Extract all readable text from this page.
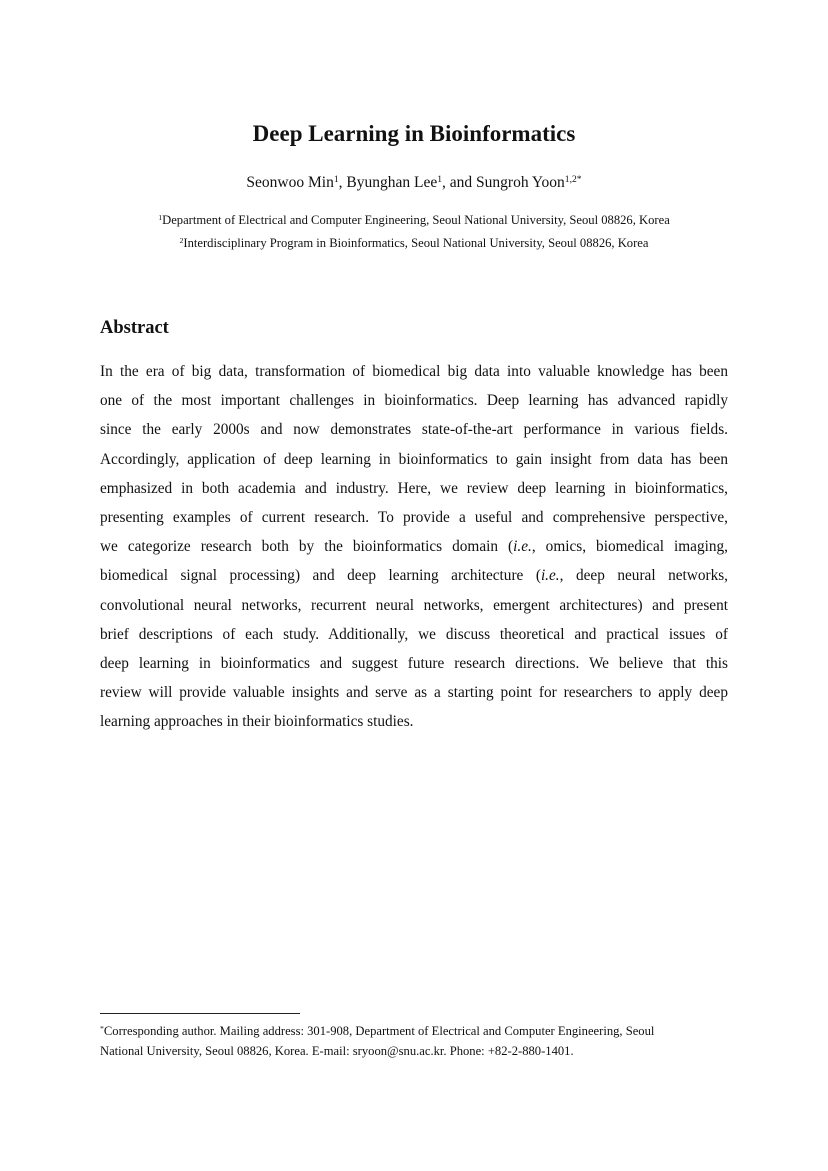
Deep Learning in Bioinformatics
Seonwoo Min$^1$, Byunghan Lee$^1$, and Sungroh Yoon$^{1,2*}$
$^1$Department of Electrical and Computer Engineering, Seoul National University, Seoul 08826, Korea
$^2$Interdisciplinary Program in Bioinformatics, Seoul National University, Seoul 08826, Korea
Abstract
In the era of big data, transformation of biomedical big data into valuable knowledge has been
one of the most important challenges in bioinformatics. Deep learning has advanced rapidly
since the early 2000s and now demonstrates state-of-the-art performance in various fields.
Accordingly, application of deep learning in bioinformatics to gain insight from data has been
emphasized in both academia and industry. Here, we review deep learning in bioinformatics,
presenting examples of current research. To provide a useful and comprehensive perspective,
we categorize research both by the bioinformatics domain (i.e., omics, biomedical imaging,
biomedical signal processing) and deep learning architecture (i.e., deep neural networks,
convolutional neural networks, recurrent neural networks, emergent architectures) and present
brief descriptions of each study. Additionally, we discuss theoretical and practical issues of
deep learning in bioinformatics and suggest future research directions. We believe that this
review will provide valuable insights and serve as a starting point for researchers to apply deep
learning approaches in their bioinformatics studies.
*Corresponding author. Mailing address: 301-908, Department of Electrical and Computer Engineering, Seoul
National University, Seoul 08826, Korea. E-mail: sryoon@snu.ac.kr. Phone: +82-2-880-1401.
